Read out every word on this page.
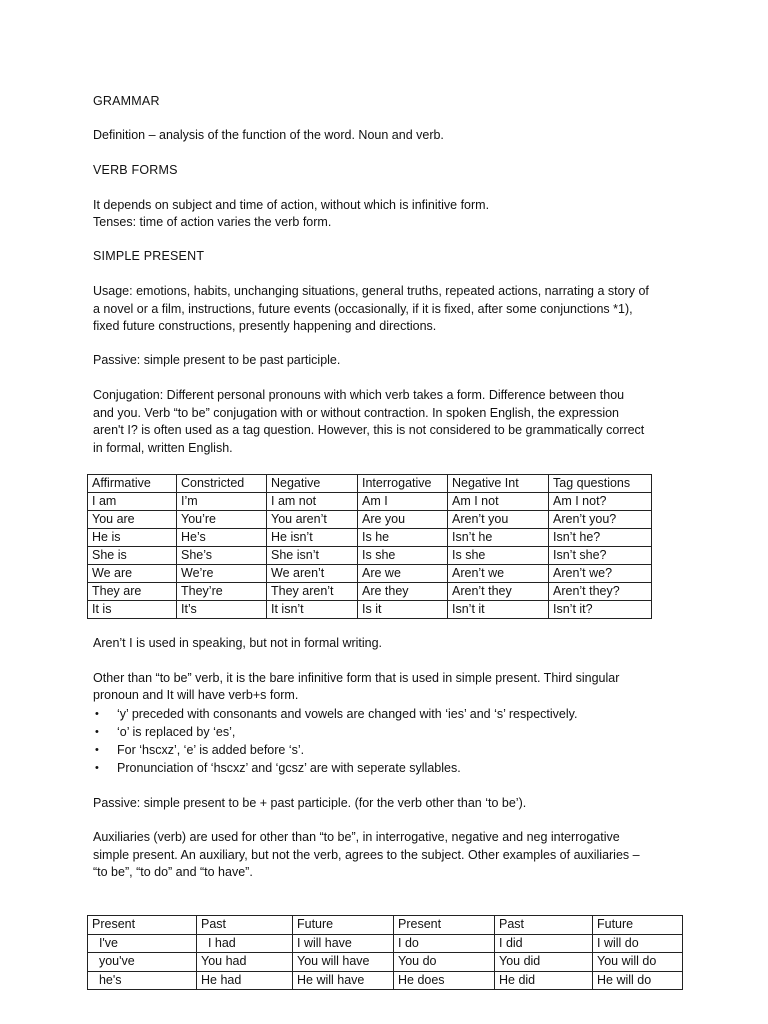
GRAMMAR

Definition – analysis of the function of the word. Noun and verb.

VERB FORMS

It depends on subject and time of action, without which is infinitive form.

Tenses: time of action varies the verb form.

SIMPLE PRESENT

Usage: emotions, habits, unchanging situations, general truths, repeated actions, narrating a story of

a novel or a film, instructions, future events (occasionally, if it is fixed, after some conjunctions *1),

fixed future constructions, presently happening and directions.

Passive: simple present to be past participle.

Conjugation: Different personal pronouns with which verb takes a form. Difference between thou

and you. Verb “to be” conjugation with or without contraction. In spoken English, the expression

aren't I? is often used as a tag question. However, this is not considered to be grammatically correct

in formal, written English.

Affirmative	Constricted	Negative	Interrogative	Negative Int	Tag questions
I am	I’m	I am not	Am I	Am I not	Am I not?
You are	You’re	You aren’t	Are you	Aren’t you	Aren’t you?
He is	He’s	He isn’t	Is he	Isn’t he	Isn’t he?
She is	She’s	She isn’t	Is she	Is she	Isn’t she?
We are	We’re	We aren’t	Are we	Aren’t we	Aren’t we?
They are	They’re	They aren’t	Are they	Aren’t they	Aren’t they?
It is	It’s	It isn’t	Is it	Isn’t it	Isn’t it?

Aren’t I is used in speaking, but not in formal writing.

Other than “to be” verb, it is the bare infinitive form that is used in simple present. Third singular

pronoun and It will have verb+s form.

• ‘y’ preceded with consonants and vowels are changed with ‘ies’ and ‘s’ respectively.
• ‘o’ is replaced by ‘es’,
• For ‘hscxz’, ‘e’ is added before ‘s’.
• Pronunciation of ‘hscxz’ and ‘gcsz’ are with seperate syllables.

Passive: simple present to be + past participle. (for the verb other than ‘to be’).

Auxiliaries (verb) are used for other than “to be”, in interrogative, negative and neg interrogative

simple present. An auxiliary, but not the verb, agrees to the subject. Other examples of auxiliaries –

“to be”, “to do” and “to have”.

Present	Past	Future	Present	Past	Future
I've	I had	I will have	I do	I did	I will do
you've	You had	You will have	You do	You did	You will do
he's	He had	He will have	He does	He did	He will do
